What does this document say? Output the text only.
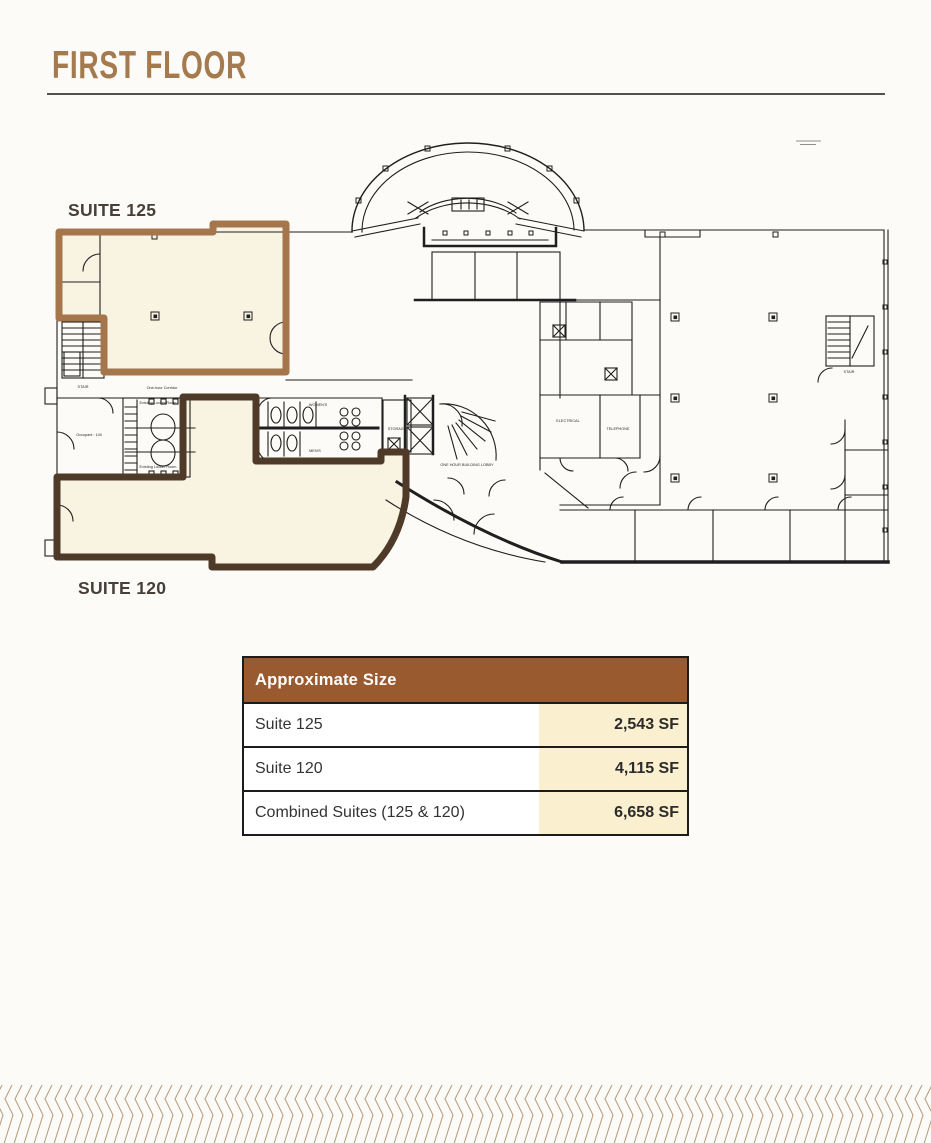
FIRST FLOOR
SUITE 125
SUITE 120
STAIR	One-hour Corridor
Existing Locker Room
Existing Locker Room
Occupant : 140
WOMEN'S
MEN'S
STORAGE
ELECTRICAL
TELEPHONE
ONE HOUR BUILDING LOBBY
STAIR
Approximate Size
Suite 125	2,543 SF
Suite 120	4,115 SF
Combined Suites (125 & 120)	6,658 SF
